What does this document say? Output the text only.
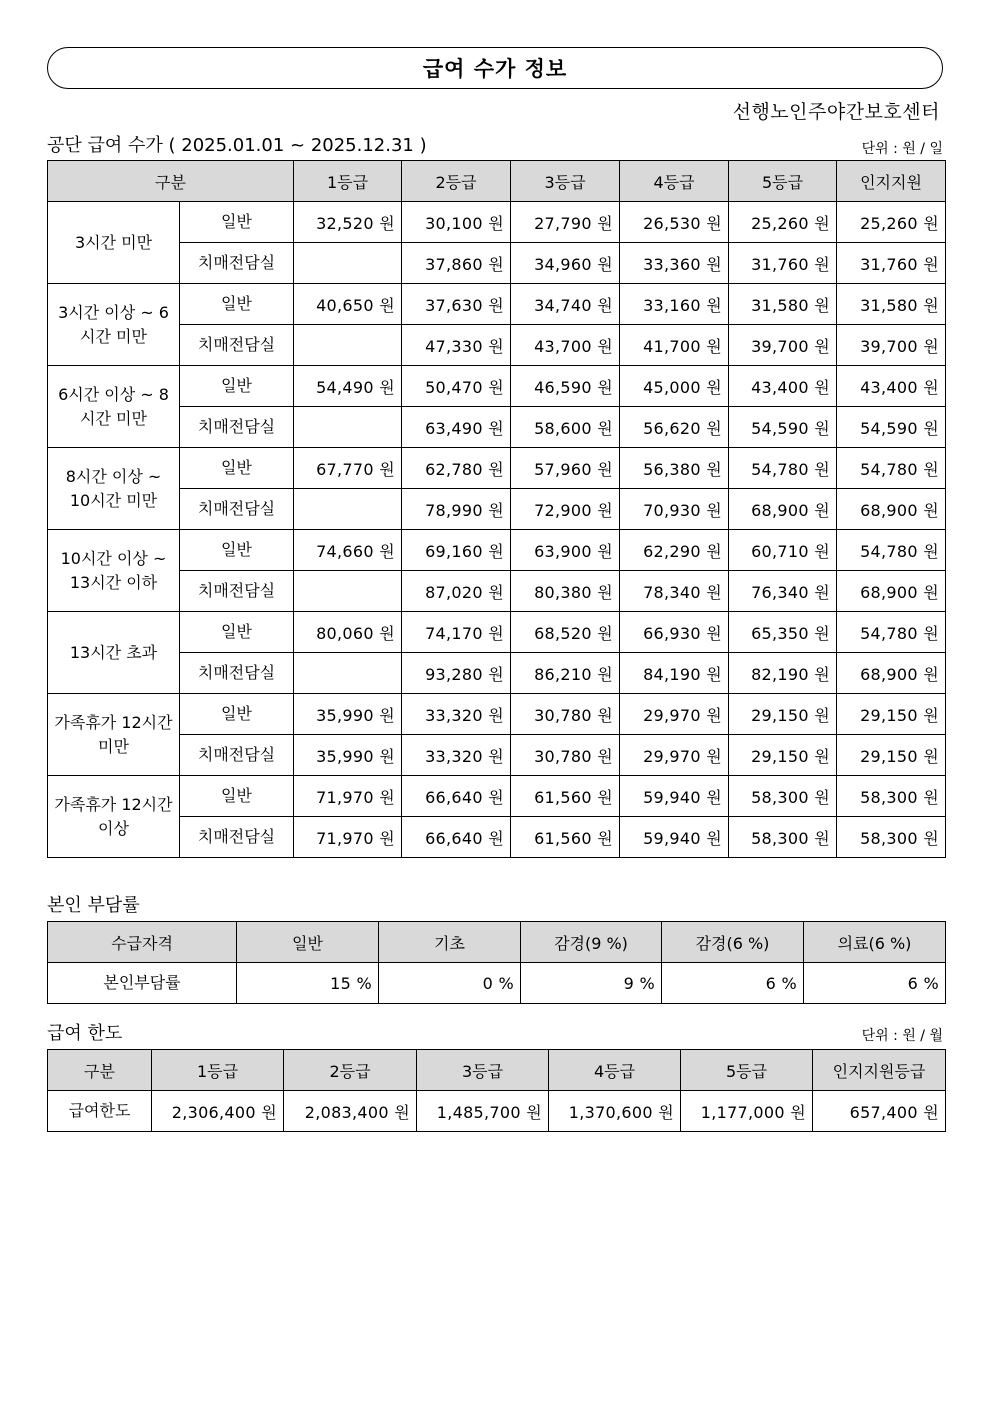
급여 수가 정보
선행노인주야간보호센터
공단 급여 수가 ( 2025.01.01 ~ 2025.12.31 )	단위 : 원 / 일
구분		1등급	2등급	3등급	4등급	5등급	인지지원
3시간 미만	일반	32,520 원	30,100 원	27,790 원	26,530 원	25,260 원	25,260 원
	치매전담실		37,860 원	34,960 원	33,360 원	31,760 원	31,760 원
3시간 이상 ~ 6시간 미만	일반	40,650 원	37,630 원	34,740 원	33,160 원	31,580 원	31,580 원
	치매전담실		47,330 원	43,700 원	41,700 원	39,700 원	39,700 원
6시간 이상 ~ 8시간 미만	일반	54,490 원	50,470 원	46,590 원	45,000 원	43,400 원	43,400 원
	치매전담실		63,490 원	58,600 원	56,620 원	54,590 원	54,590 원
8시간 이상 ~ 10시간 미만	일반	67,770 원	62,780 원	57,960 원	56,380 원	54,780 원	54,780 원
	치매전담실		78,990 원	72,900 원	70,930 원	68,900 원	68,900 원
10시간 이상 ~ 13시간 이하	일반	74,660 원	69,160 원	63,900 원	62,290 원	60,710 원	54,780 원
	치매전담실		87,020 원	80,380 원	78,340 원	76,340 원	68,900 원
13시간 초과	일반	80,060 원	74,170 원	68,520 원	66,930 원	65,350 원	54,780 원
	치매전담실		93,280 원	86,210 원	84,190 원	82,190 원	68,900 원
가족휴가 12시간미만	일반	35,990 원	33,320 원	30,780 원	29,970 원	29,150 원	29,150 원
	치매전담실	35,990 원	33,320 원	30,780 원	29,970 원	29,150 원	29,150 원
가족휴가 12시간이상	일반	71,970 원	66,640 원	61,560 원	59,940 원	58,300 원	58,300 원
	치매전담실	71,970 원	66,640 원	61,560 원	59,940 원	58,300 원	58,300 원
본인 부담률
수급자격	일반	기초	감경(9 %)	감경(6 %)	의료(6 %)
본인부담률	15 %	0 %	9 %	6 %	6 %
급여 한도	단위 : 원 / 월
구분	1등급	2등급	3등급	4등급	5등급	인지지원등급
급여한도	2,306,400 원	2,083,400 원	1,485,700 원	1,370,600 원	1,177,000 원	657,400 원
